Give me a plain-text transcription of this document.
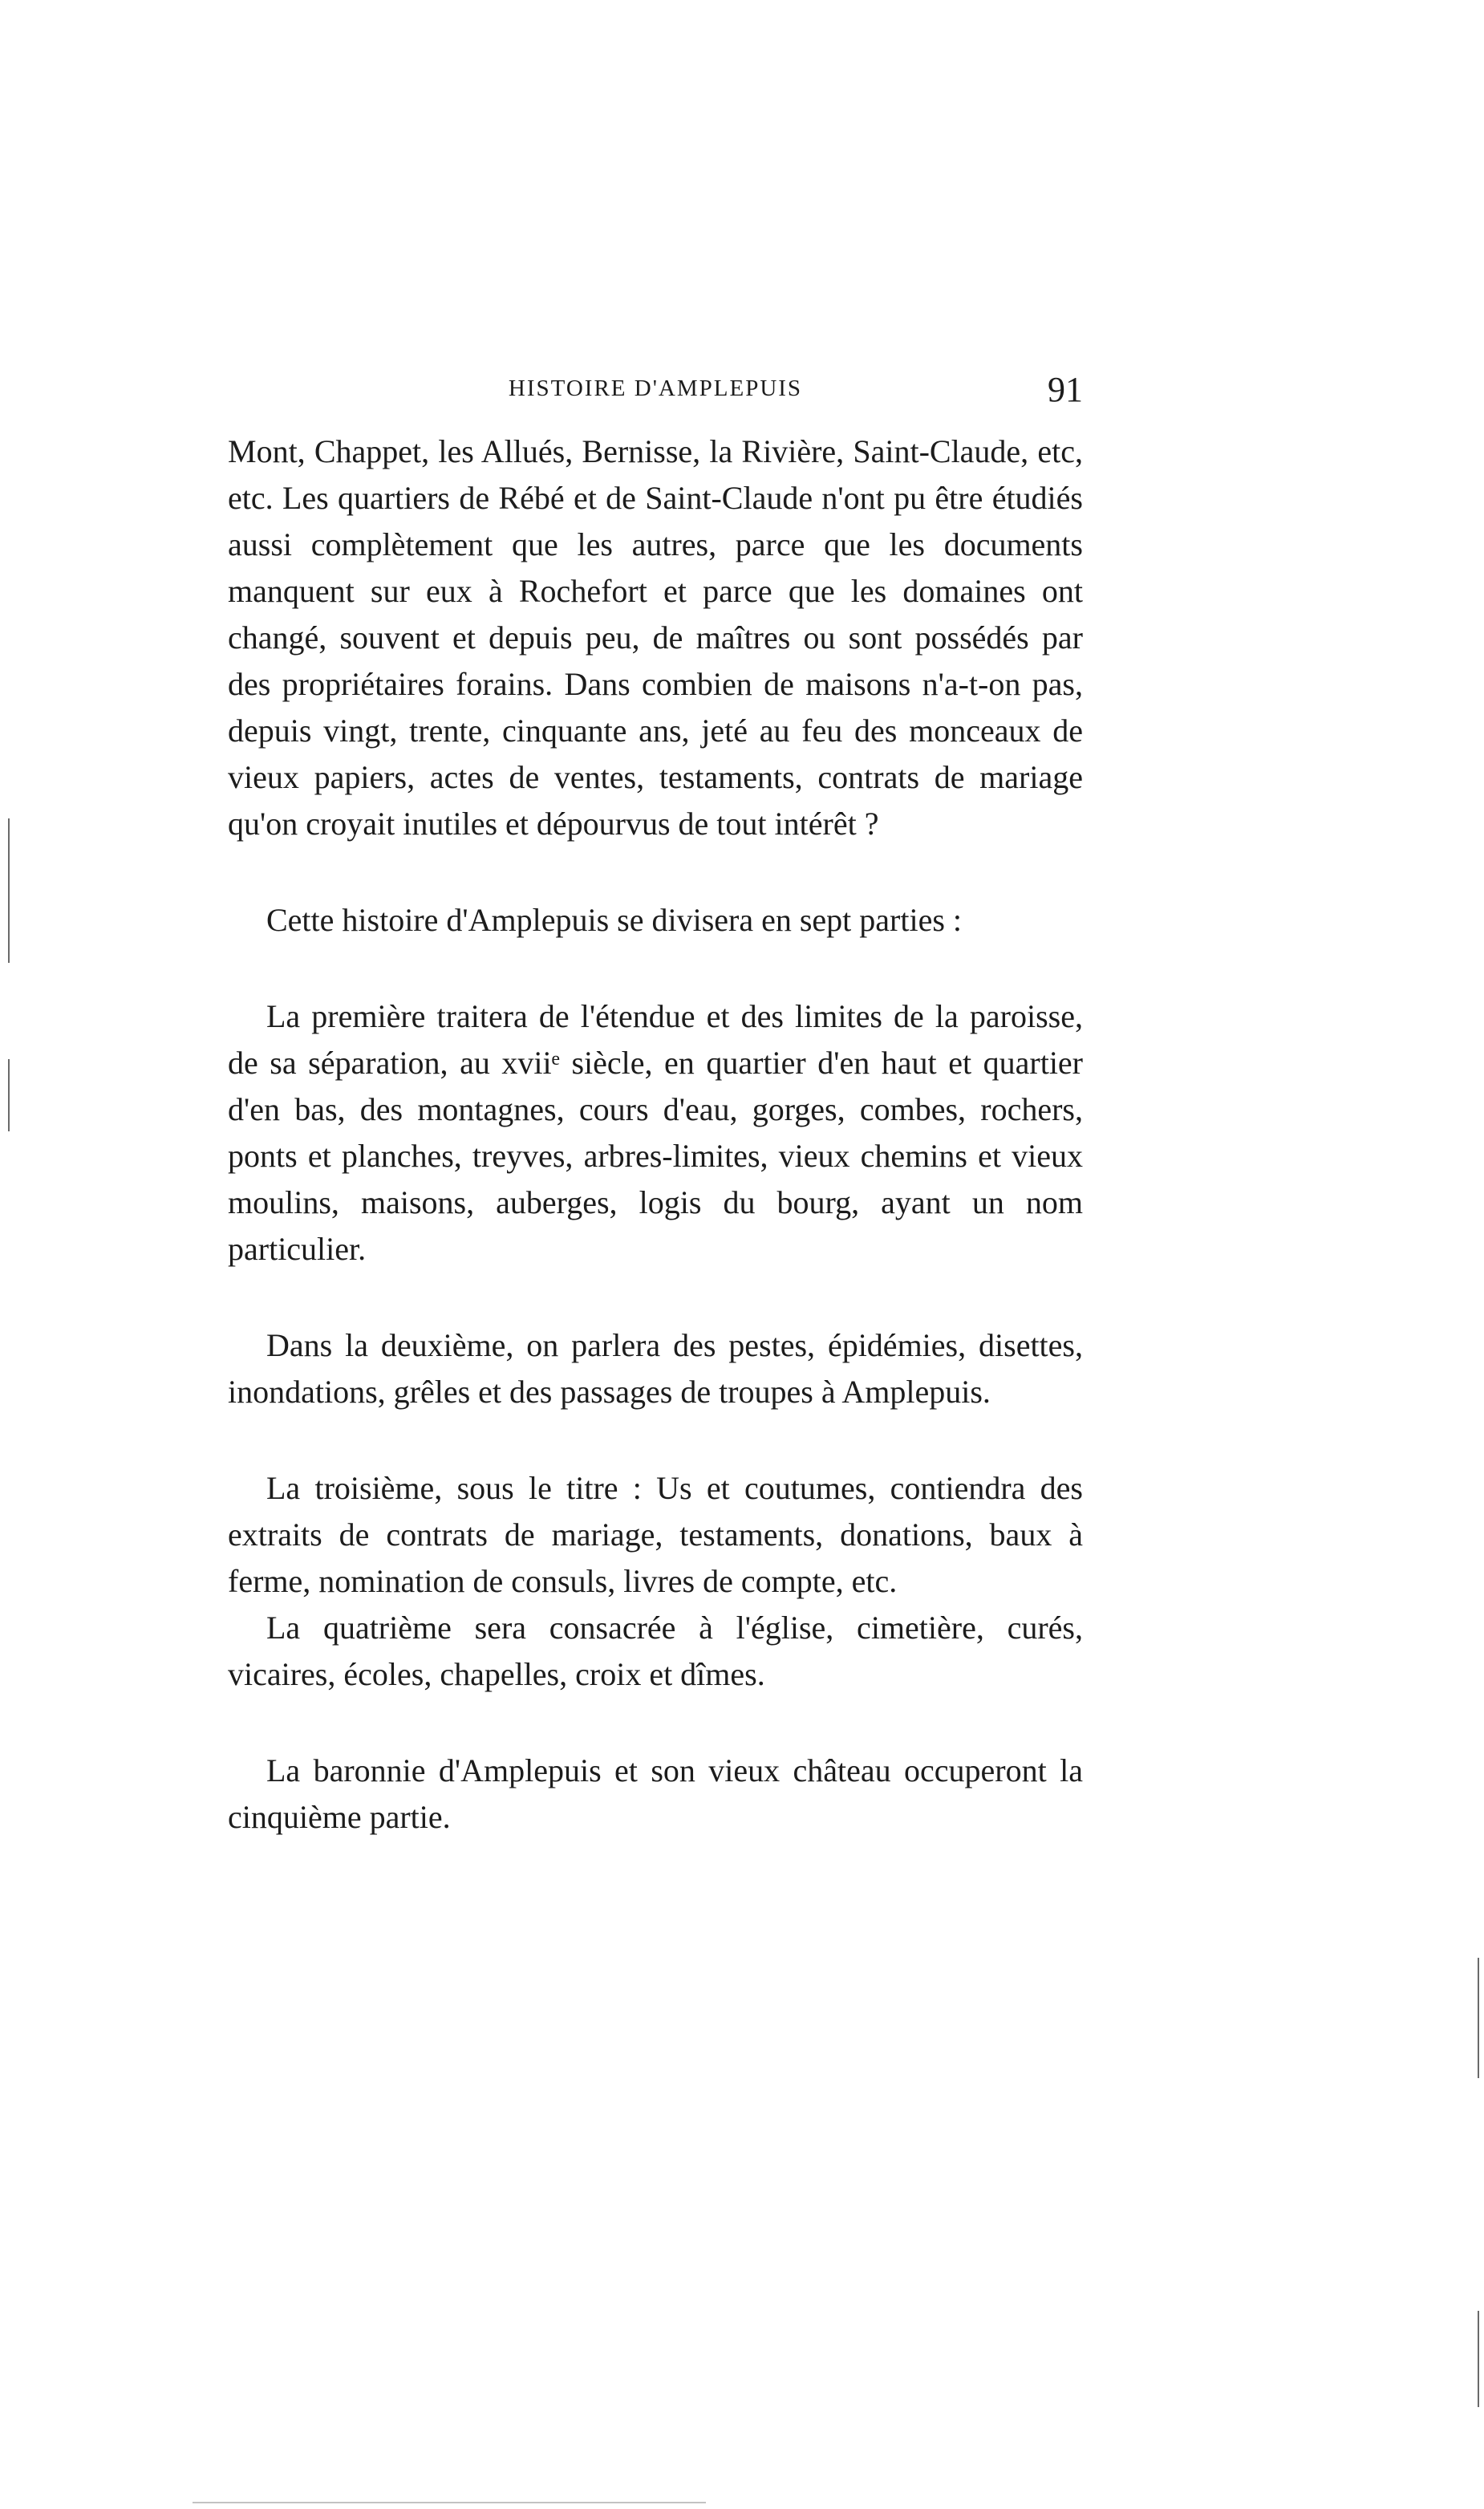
HISTOIRE D'AMPLEPUIS	91

Mont, Chappet, les Allués, Bernisse, la Rivière, Saint-Claude, etc, etc. Les quartiers de Rébé et de Saint-Claude n'ont pu être étudiés aussi complètement que les autres, parce que les documents manquent sur eux à Rochefort et parce que les domaines ont changé, souvent et depuis peu, de maîtres ou sont possédés par des propriétaires forains. Dans combien de maisons n'a-t-on pas, depuis vingt, trente, cinquante ans, jeté au feu des monceaux de vieux papiers, actes de ventes, testaments, contrats de mariage qu'on croyait inutiles et dépourvus de tout intérêt ?

Cette histoire d'Amplepuis se divisera en sept parties :

La première traitera de l'étendue et des limites de la paroisse, de sa séparation, au xviiᵉ siècle, en quartier d'en haut et quartier d'en bas, des montagnes, cours d'eau, gorges, combes, rochers, ponts et planches, treyves, arbres-limites, vieux chemins et vieux moulins, maisons, auberges, logis du bourg, ayant un nom particulier.

Dans la deuxième, on parlera des pestes, épidémies, disettes, inondations, grêles et des passages de troupes à Amplepuis.

La troisième, sous le titre : Us et coutumes, contiendra des extraits de contrats de mariage, testaments, donations, baux à ferme, nomination de consuls, livres de compte, etc.

La quatrième sera consacrée à l'église, cimetière, curés, vicaires, écoles, chapelles, croix et dîmes.

La baronnie d'Amplepuis et son vieux château occuperont la cinquième partie.
